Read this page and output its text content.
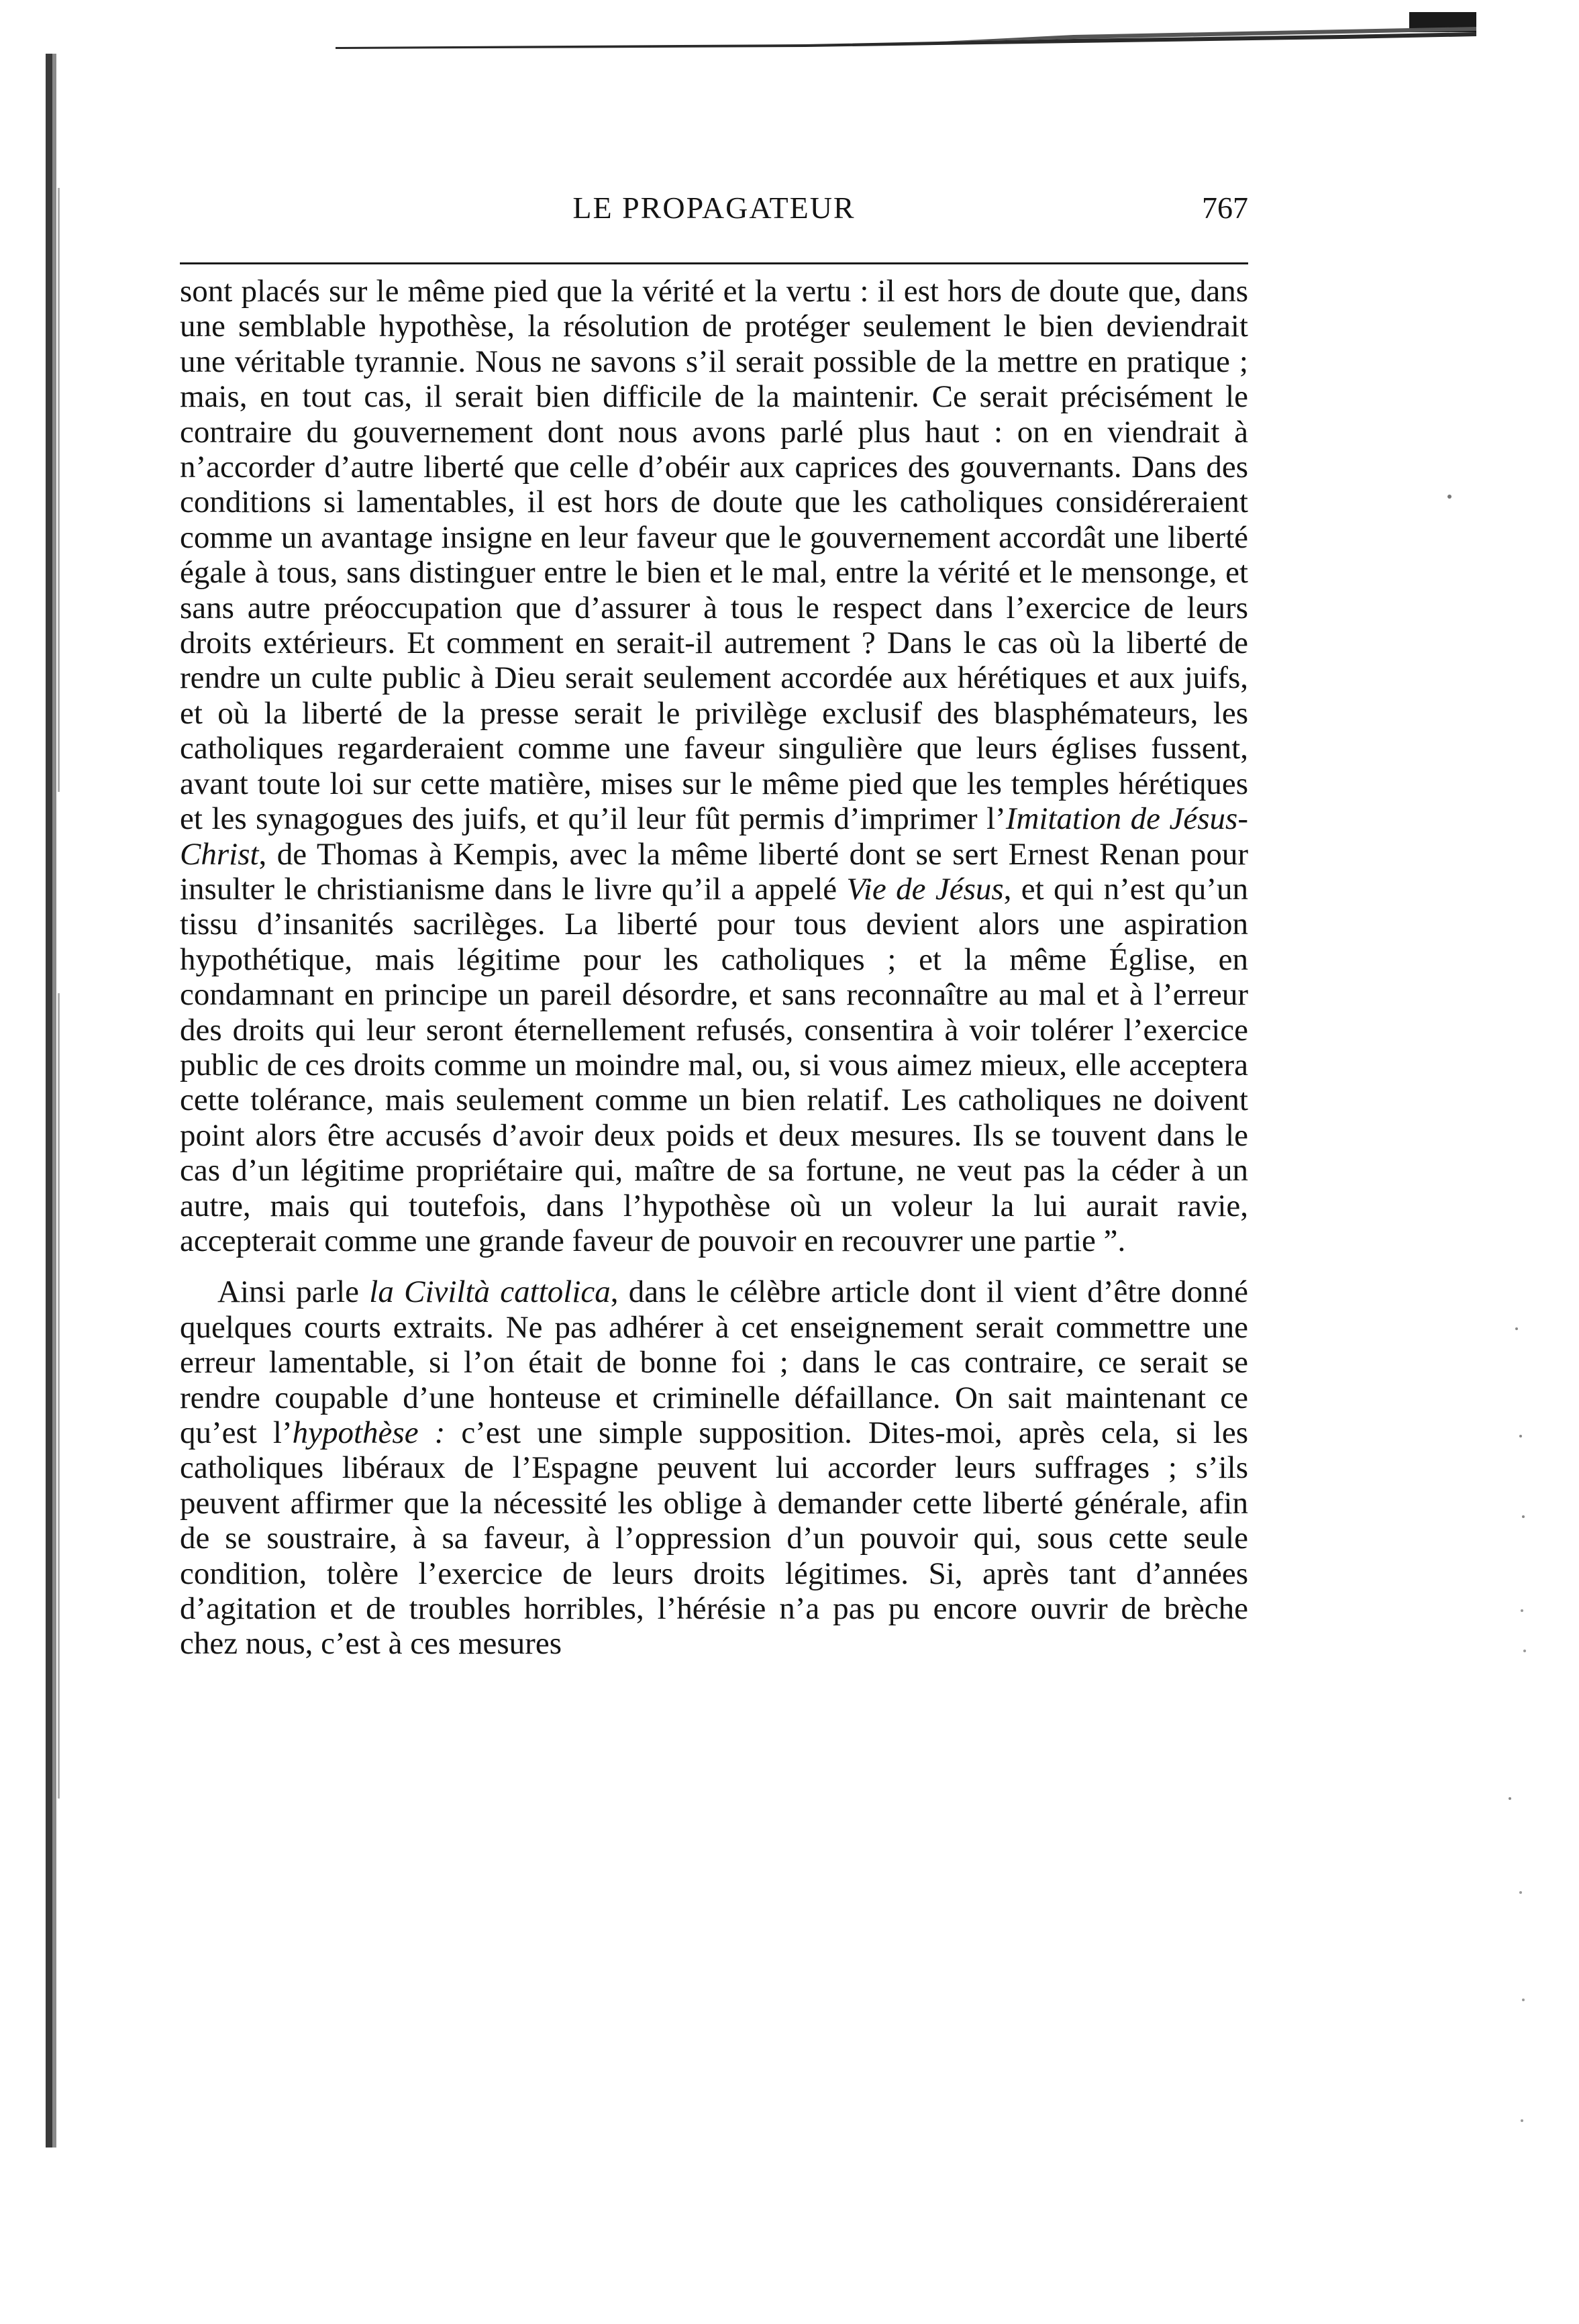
LE PROPAGATEUR	767

sont placés sur le même pied que la vérité et la vertu : il est hors de doute que, dans une semblable hypothèse, la résolution de protéger seulement le bien deviendrait une véritable tyrannie. Nous ne savons s’il serait possible de la mettre en pratique ; mais, en tout cas, il serait bien difficile de la maintenir. Ce serait précisément le contraire du gouvernement dont nous avons parlé plus haut : on en viendrait à n’accorder d’autre liberté que celle d’obéir aux caprices des gouvernants. Dans des conditions si lamentables, il est hors de doute que les catholiques considéreraient comme un avantage insigne en leur faveur que le gouvernement accordât une liberté égale à tous, sans distinguer entre le bien et le mal, entre la vérité et le mensonge, et sans autre préoccupation que d’assurer à tous le respect dans l’exercice de leurs droits extérieurs. Et comment en serait-il autrement ? Dans le cas où la liberté de rendre un culte public à Dieu serait seulement accordée aux hérétiques et aux juifs, et où la liberté de la presse serait le privilège exclusif des blasphémateurs, les catholiques regarderaient comme une faveur singulière que leurs églises fussent, avant toute loi sur cette matière, mises sur le même pied que les temples hérétiques et les synagogues des juifs, et qu’il leur fût permis d’imprimer l’Imitation de Jésus-Christ, de Thomas à Kempis, avec la même liberté dont se sert Ernest Renan pour insulter le christianisme dans le livre qu’il a appelé Vie de Jésus, et qui n’est qu’un tissu d’insanités sacrilèges. La liberté pour tous devient alors une aspiration hypothétique, mais légitime pour les catholiques ; et la même Église, en condamnant en principe un pareil désordre, et sans reconnaître au mal et à l’erreur des droits qui leur seront éternellement refusés, consentira à voir tolérer l’exercice public de ces droits comme un moindre mal, ou, si vous aimez mieux, elle acceptera cette tolérance, mais seulement comme un bien relatif. Les catholiques ne doivent point alors être accusés d’avoir deux poids et deux mesures. Ils se touvent dans le cas d’un légitime propriétaire qui, maître de sa fortune, ne veut pas la céder à un autre, mais qui toutefois, dans l’hypothèse où un voleur la lui aurait ravie, accepterait comme une grande faveur de pouvoir en recouvrer une partie ”.

Ainsi parle la Civiltà cattolica, dans le célèbre article dont il vient d’être donné quelques courts extraits. Ne pas adhérer à cet enseignement serait commettre une erreur lamentable, si l’on était de bonne foi ; dans le cas contraire, ce serait se rendre coupable d’une honteuse et criminelle défaillance. On sait maintenant ce qu’est l’hypothèse : c’est une simple supposition. Dites-moi, après cela, si les catholiques libéraux de l’Espagne peuvent lui accorder leurs suffrages ; s’ils peuvent affirmer que la nécessité les oblige à demander cette liberté générale, afin de se soustraire, à sa faveur, à l’oppression d’un pouvoir qui, sous cette seule condition, tolère l’exercice de leurs droits légitimes. Si, après tant d’années d’agitation et de troubles horribles, l’hérésie n’a pas pu encore ouvrir de brèche chez nous, c’est à ces mesures
